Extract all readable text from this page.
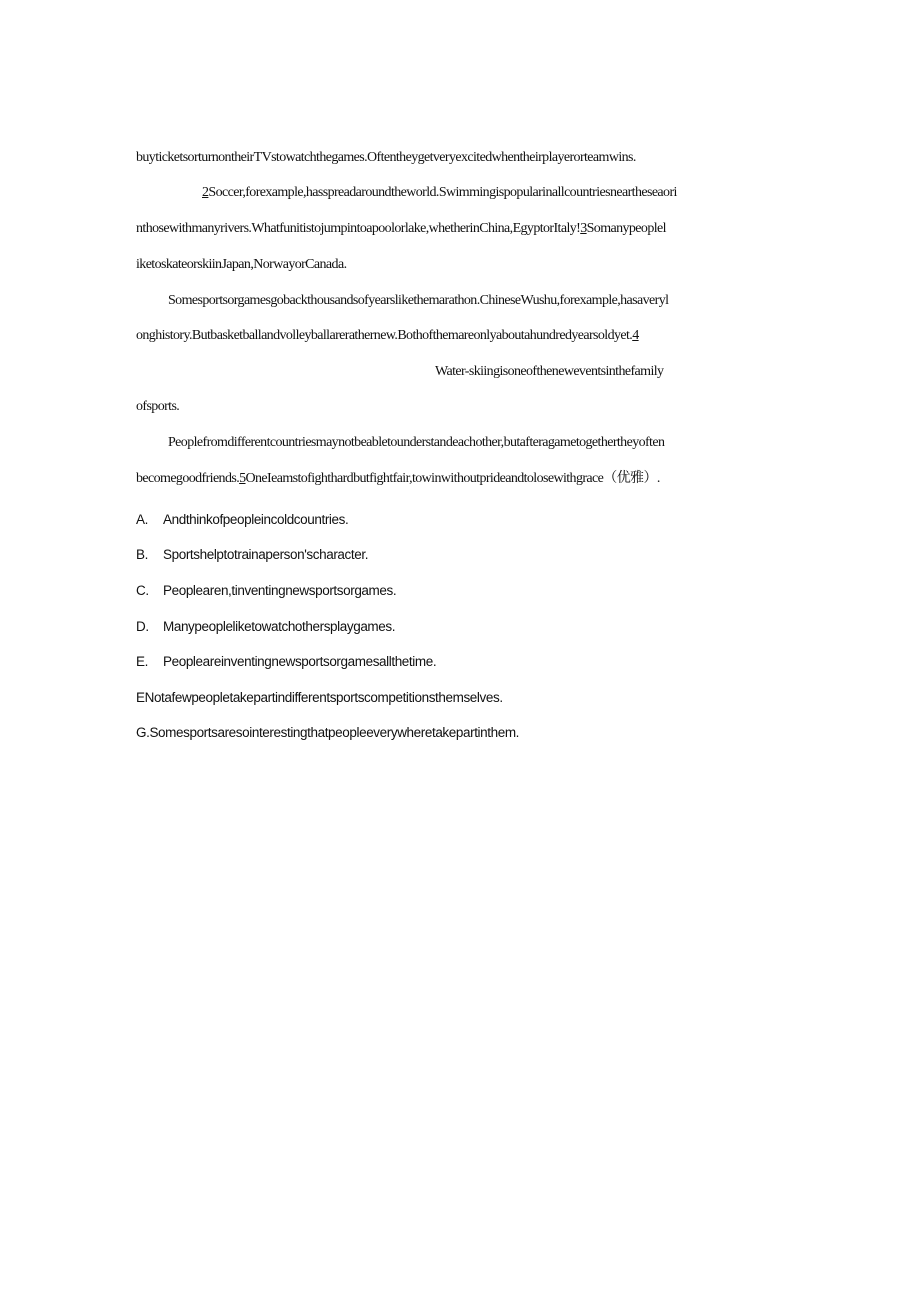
buyticketsorturnontheirTVstowatchthegames.Oftentheygetveryexcitedwhentheirplayerorteamwins.
2Soccer,forexample,hasspreadaroundtheworld.Swimmingispopularinallcountriesneartheseaori
nthosewithmanyrivers.Whatfunitistojumpintoapoolorlake,whetherinChina,EgyptorItaly!3Somanypeoplel
iketoskateorskiinJapan,NorwayorCanada.
Somesportsorgamesgobackthousandsofyearslikethemarathon.ChineseWushu,forexample,hasaveryl
onghistory.Butbasketballandvolleyballarerathernew.Bothofthemareonlyaboutahundredyearsoldyet.4
Water-skiingisoneoftheneweventsinthefamily
ofsports.
Peoplefromdifferentcountriesmaynotbeabletounderstandeachother,butafteragametogethertheyoften
becomegoodfriends.5OneIeamstofighthardbutfightfair,towinwithoutprideandtolosewithgrace（优雅）.
A. Andthinkofpeopleincoldcountries.
B. Sportshelptotrainaperson'scharacter.
C. Peoplearen,tinventingnewsportsorgames.
D. Manypeopleliketowatchothersplaygames.
E. Peopleareinventingnewsportsorgamesallthetime.
ENotafewpeopletakepartindifferentsportscompetitionsthemselves.
G.Somesportsaresointerestingthatpeopleeverywheretakepartinthem.
